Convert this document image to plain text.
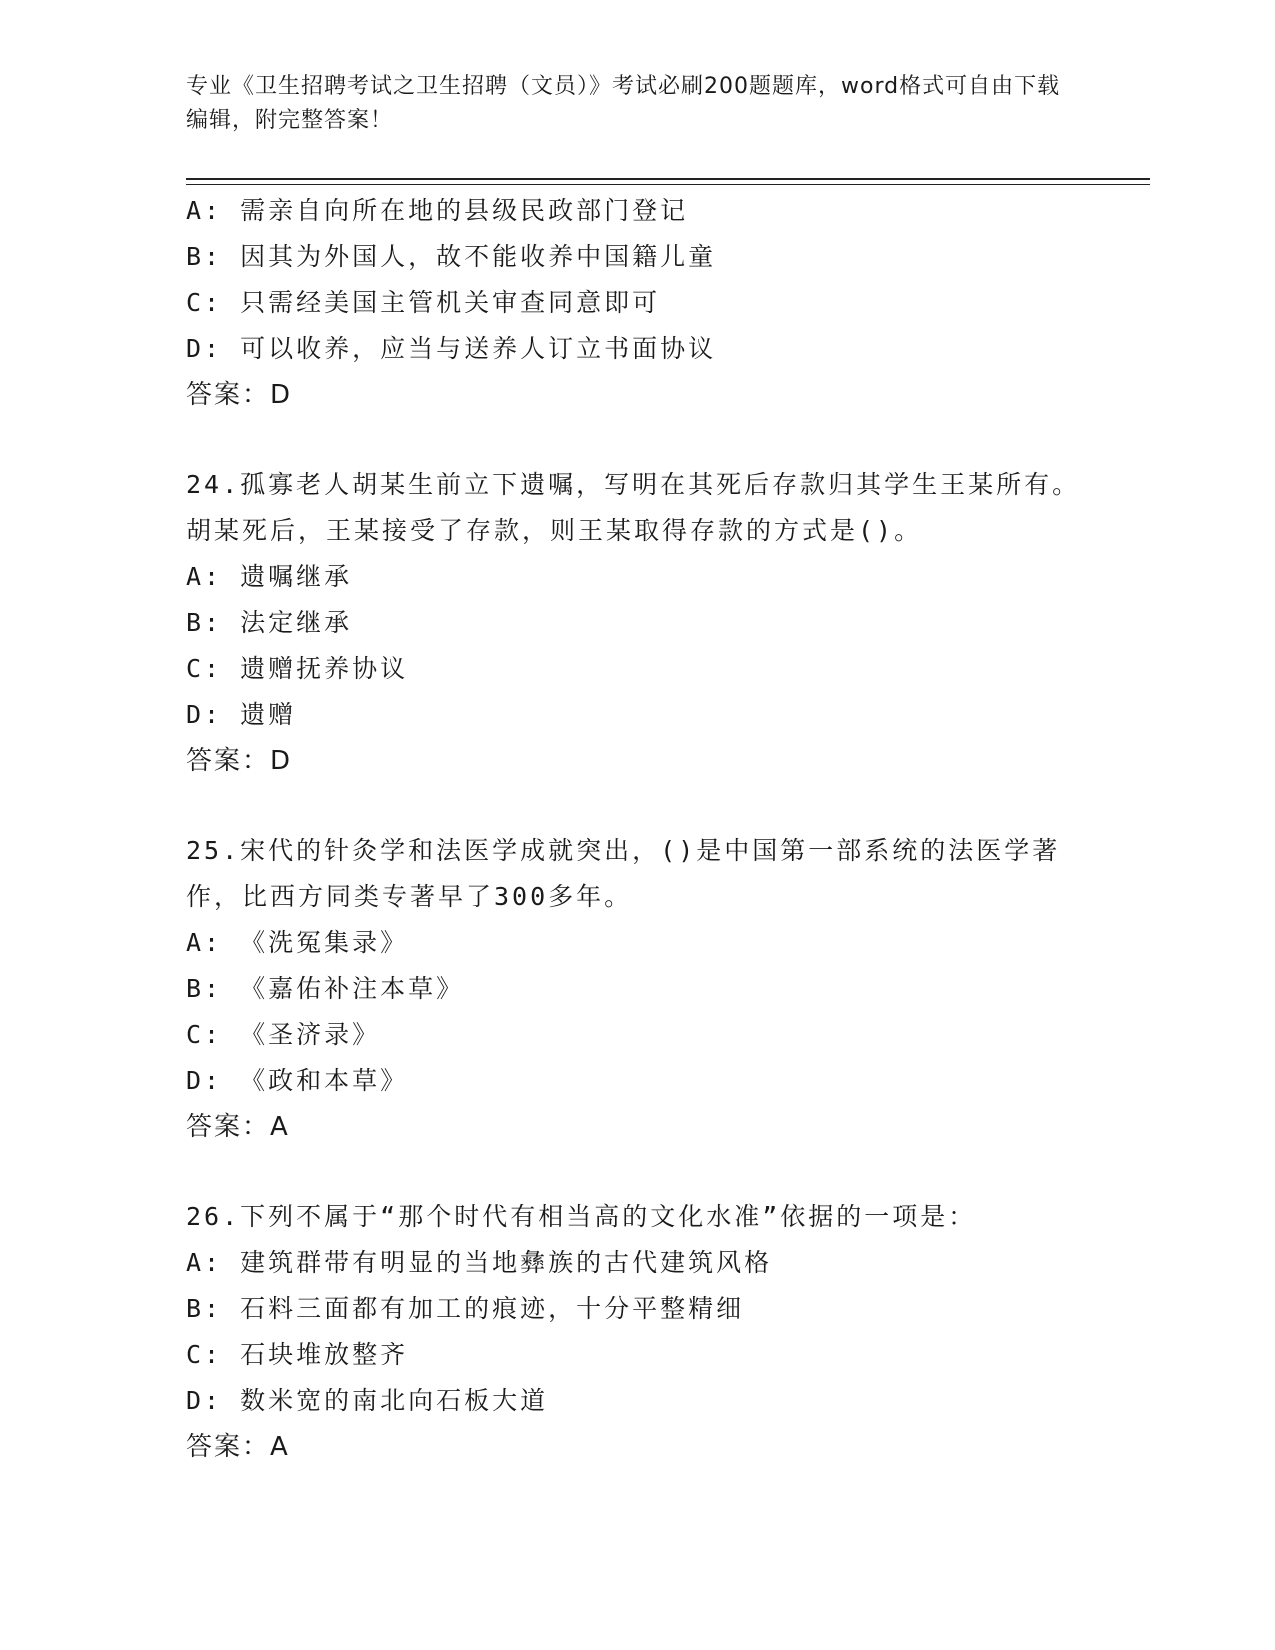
专业《卫生招聘考试之卫生招聘（文员）》考试必刷200题题库，word格式可自由下载编辑，附完整答案！
A: 需亲自向所在地的县级民政部门登记
B: 因其为外国人，故不能收养中国籍儿童
C: 只需经美国主管机关审查同意即可
D: 可以收养，应当与送养人订立书面协议
答案：D
24.孤寡老人胡某生前立下遗嘱，写明在其死后存款归其学生王某所有。胡某死后，王某接受了存款，则王某取得存款的方式是()。
A: 遗嘱继承
B: 法定继承
C: 遗赠抚养协议
D: 遗赠
答案：D
25.宋代的针灸学和法医学成就突出，()是中国第一部系统的法医学著作，比西方同类专著早了300多年。
A: 《洗冤集录》
B: 《嘉佑补注本草》
C: 《圣济录》
D: 《政和本草》
答案：A
26.下列不属于“那个时代有相当高的文化水准”依据的一项是：
A: 建筑群带有明显的当地彝族的古代建筑风格
B: 石料三面都有加工的痕迹，十分平整精细
C: 石块堆放整齐
D: 数米宽的南北向石板大道
答案：A
